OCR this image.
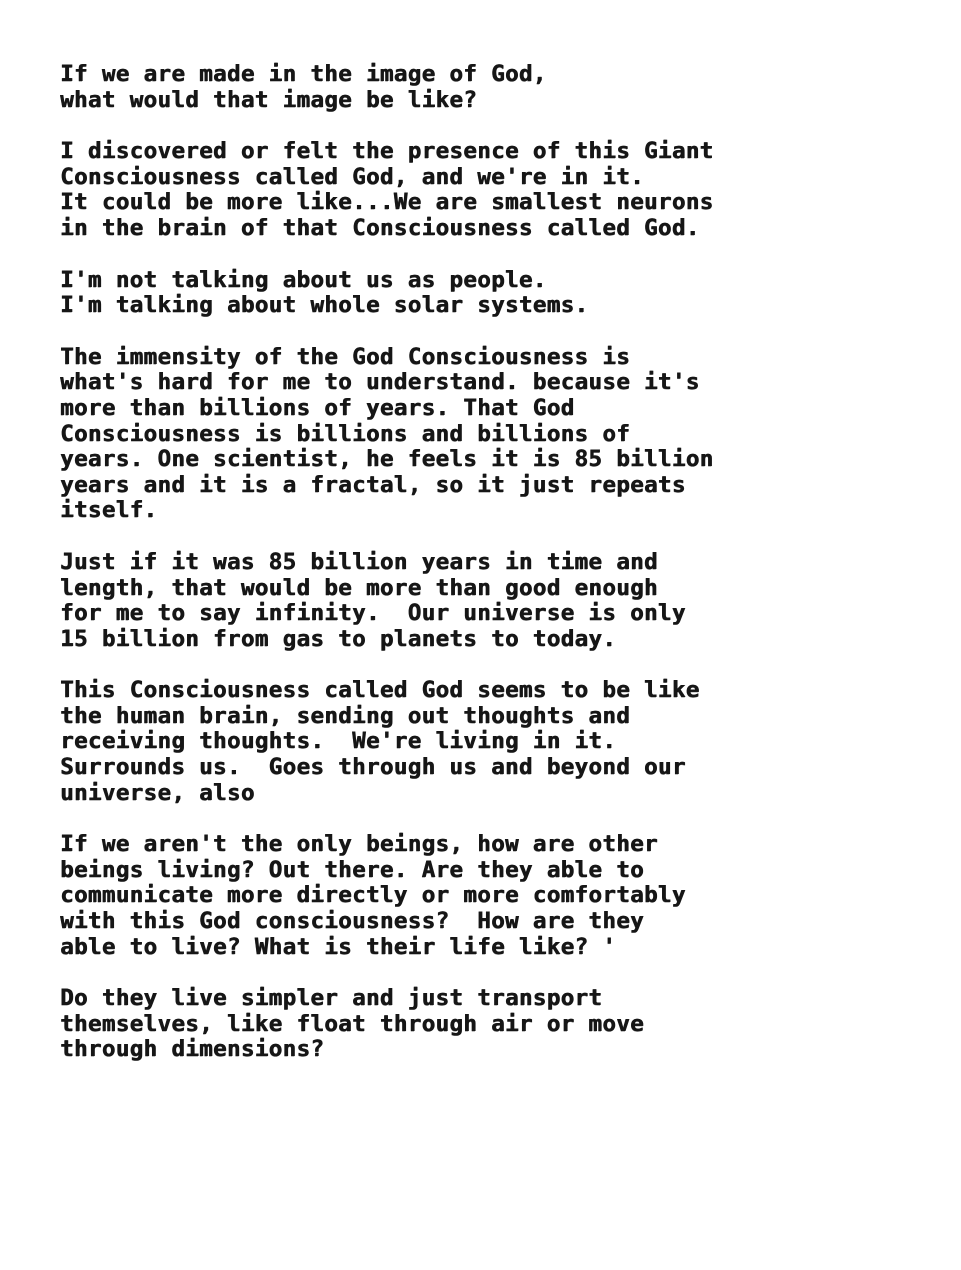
If we are made in the image of God,
what would that image be like?
I discovered or felt the presence of this Giant
Consciousness called God, and we're in it.
It could be more like...We are smallest neurons
in the brain of that Consciousness called God.
I'm not talking about us as people.
I'm talking about whole solar systems.
The immensity of the God Consciousness is
what's hard for me to understand. because it's
more than billions of years. That God
Consciousness is billions and billions of
years. One scientist, he feels it is 85 billion
years and it is a fractal, so it just repeats
itself.
Just if it was 85 billion years in time and
length, that would be more than good enough
for me to say infinity.  Our universe is only
15 billion from gas to planets to today.
This Consciousness called God seems to be like
the human brain, sending out thoughts and
receiving thoughts.  We're living in it.
Surrounds us.  Goes through us and beyond our
universe, also
If we aren't the only beings, how are other
beings living? Out there. Are they able to
communicate more directly or more comfortably
with this God consciousness?  How are they
able to live? What is their life like? '
Do they live simpler and just transport
themselves, like float through air or move
through dimensions?
